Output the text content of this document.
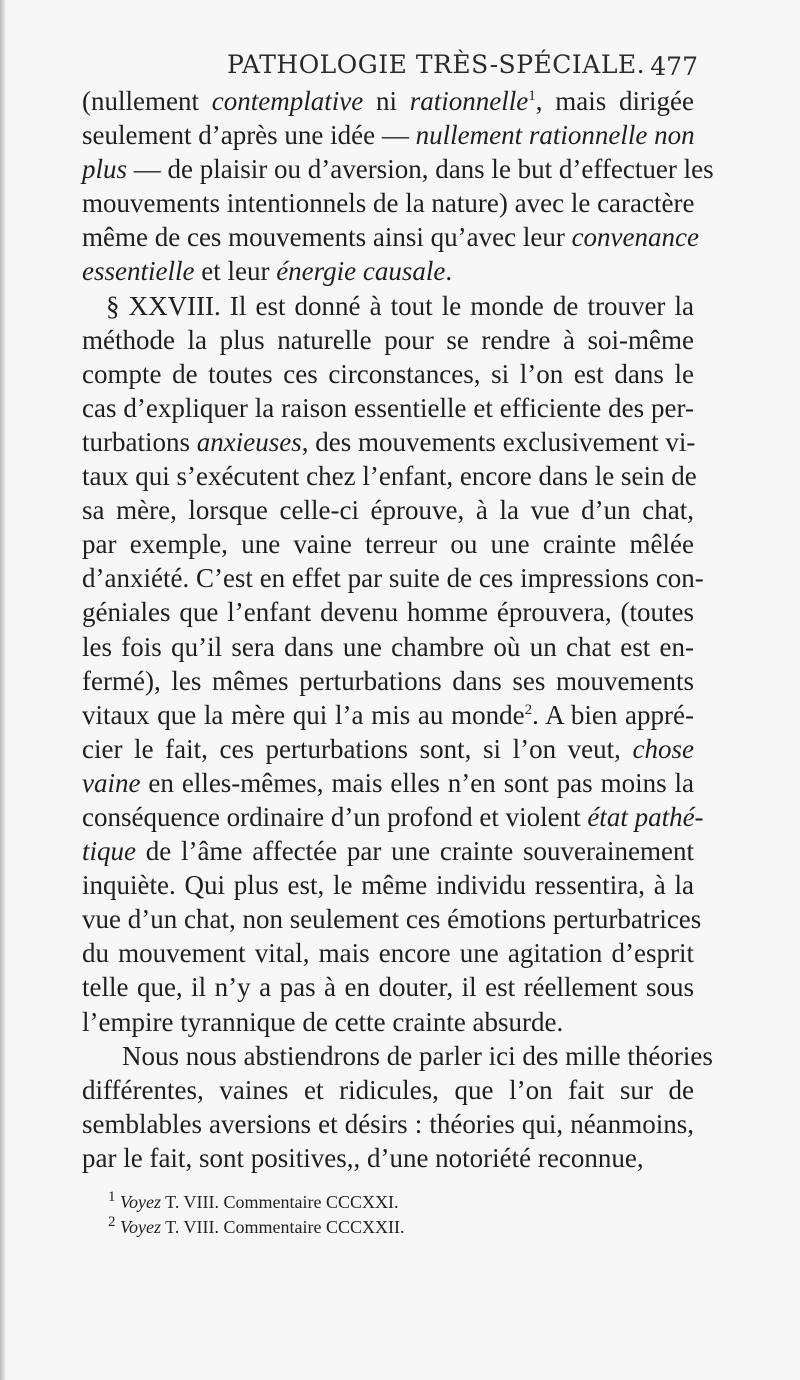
PATHOLOGIE TRÈS-SPÉCIALE. 477
(nullement contemplative ni rationnelle$^1$, mais dirigée
seulement d’après une idée — nullement rationnelle non
plus — de plaisir ou d’aversion, dans le but d’effectuer les
mouvements intentionnels de la nature) avec le caractère
même de ces mouvements ainsi qu’avec leur convenance
essentielle et leur énergie causale.
§ XXVIII. Il est donné à tout le monde de trouver la
méthode la plus naturelle pour se rendre à soi-même
compte de toutes ces circonstances, si l’on est dans le
cas d’expliquer la raison essentielle et efficiente des per-
turbations anxieuses, des mouvements exclusivement vi-
taux qui s’exécutent chez l’enfant, encore dans le sein de
sa mère, lorsque celle-ci éprouve, à la vue d’un chat,
par exemple, une vaine terreur ou une crainte mêlée
d’anxiété. C’est en effet par suite de ces impressions con-
géniales que l’enfant devenu homme éprouvera, (toutes
les fois qu’il sera dans une chambre où un chat est en-
fermé), les mêmes perturbations dans ses mouvements
vitaux que la mère qui l’a mis au monde$^2$. A bien appré-
cier le fait, ces perturbations sont, si l’on veut, chose
vaine en elles-mêmes, mais elles n’en sont pas moins la
conséquence ordinaire d’un profond et violent état pathé-
tique de l’âme affectée par une crainte souverainement
inquiète. Qui plus est, le même individu ressentira, à la
vue d’un chat, non seulement ces émotions perturbatrices
du mouvement vital, mais encore une agitation d’esprit
telle que, il n’y a pas à en douter, il est réellement sous
l’empire tyrannique de cette crainte absurde.
Nous nous abstiendrons de parler ici des mille théories
différentes, vaines et ridicules, que l’on fait sur de
semblables aversions et désirs : théories qui, néanmoins,
par le fait, sont positives,, d’une notoriété reconnue,
$^1$ Voyez T. VIII. Commentaire CCCXXI.
$^2$ Voyez T. VIII. Commentaire CCCXXII.
